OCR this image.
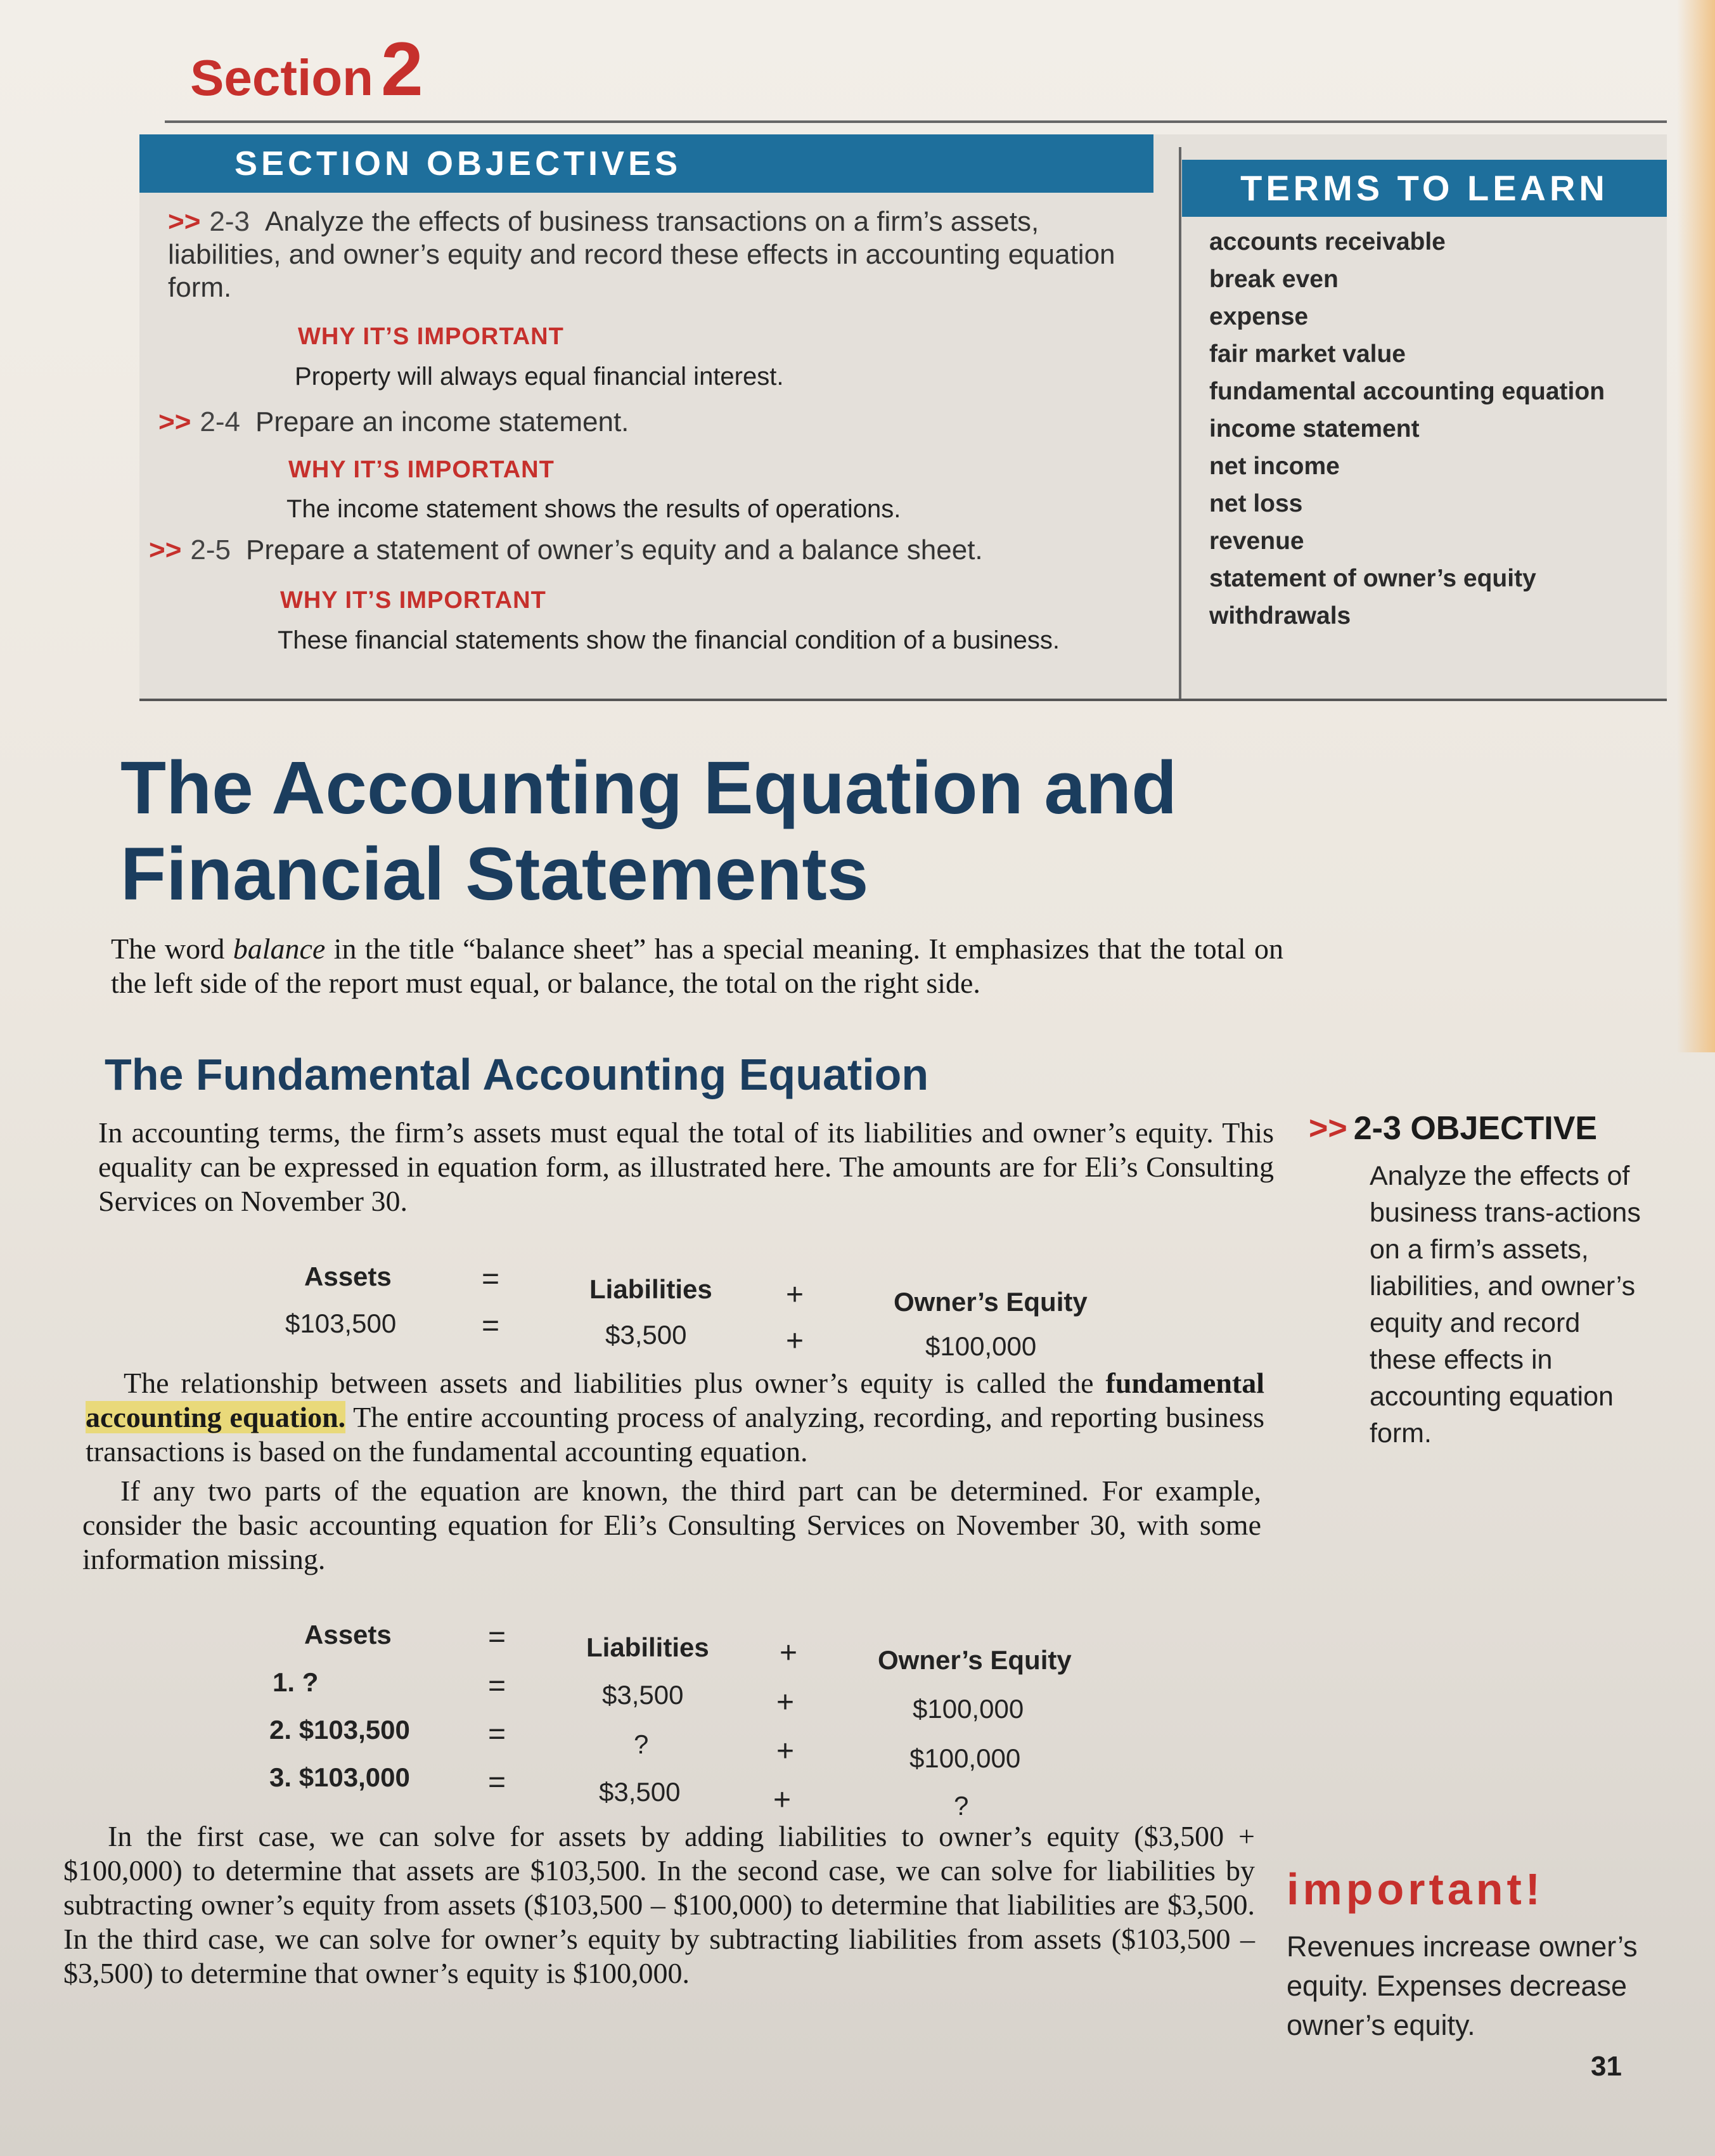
Section 2
SECTION OBJECTIVES
TERMS TO LEARN
>> 2-3 Analyze the effects of business transactions on a firm’s assets, liabilities, and owner’s equity and record these effects in accounting equation form.
WHY IT’S IMPORTANT
Property will always equal financial interest.
>> 2-4 Prepare an income statement.
WHY IT’S IMPORTANT
The income statement shows the results of operations.
>> 2-5 Prepare a statement of owner’s equity and a balance sheet.
WHY IT’S IMPORTANT
These financial statements show the financial condition of a business.
accounts receivable
break even
expense
fair market value
fundamental accounting equation
income statement
net income
net loss
revenue
statement of owner’s equity
withdrawals
The Accounting Equation and
Financial Statements
The word balance in the title “balance sheet” has a special meaning. It emphasizes that the total on the left side of the report must equal, or balance, the total on the right side.
The Fundamental Accounting Equation
In accounting terms, the firm’s assets must equal the total of its liabilities and owner’s equity. This equality can be expressed in equation form, as illustrated here. The amounts are for Eli’s Consulting Services on November 30.
Assets	=	Liabilities +	Owner’s Equity
$103,500	=	$3,500	+	$100,000
The relationship between assets and liabilities plus owner’s equity is called the fundamental accounting equation. The entire accounting process of analyzing, recording, and reporting business transactions is based on the fundamental accounting equation.
If any two parts of the equation are known, the third part can be determined. For example, consider the basic accounting equation for Eli’s Consulting Services on November 30, with some information missing.
Assets	=	Liabilities +	Owner’s Equity
1. ?	=	$3,500	+	$100,000
2. $103,500	=	?	+	$100,000
3. $103,000	=	$3,500	+	?
In the first case, we can solve for assets by adding liabilities to owner’s equity ($3,500 + $100,000) to determine that assets are $103,500. In the second case, we can solve for liabilities by subtracting owner’s equity from assets ($103,500 – $100,000) to determine that liabilities are $3,500. In the third case, we can solve for owner’s equity by subtracting liabilities from assets ($103,500 – $3,500) to determine that owner’s equity is $100,000.
>> 2-3 OBJECTIVE
Analyze the effects of business trans-actions on a firm’s assets, liabilities, and owner’s equity and record these effects in accounting equation form.
important!
Revenues increase owner’s equity. Expenses decrease owner’s equity.
31
